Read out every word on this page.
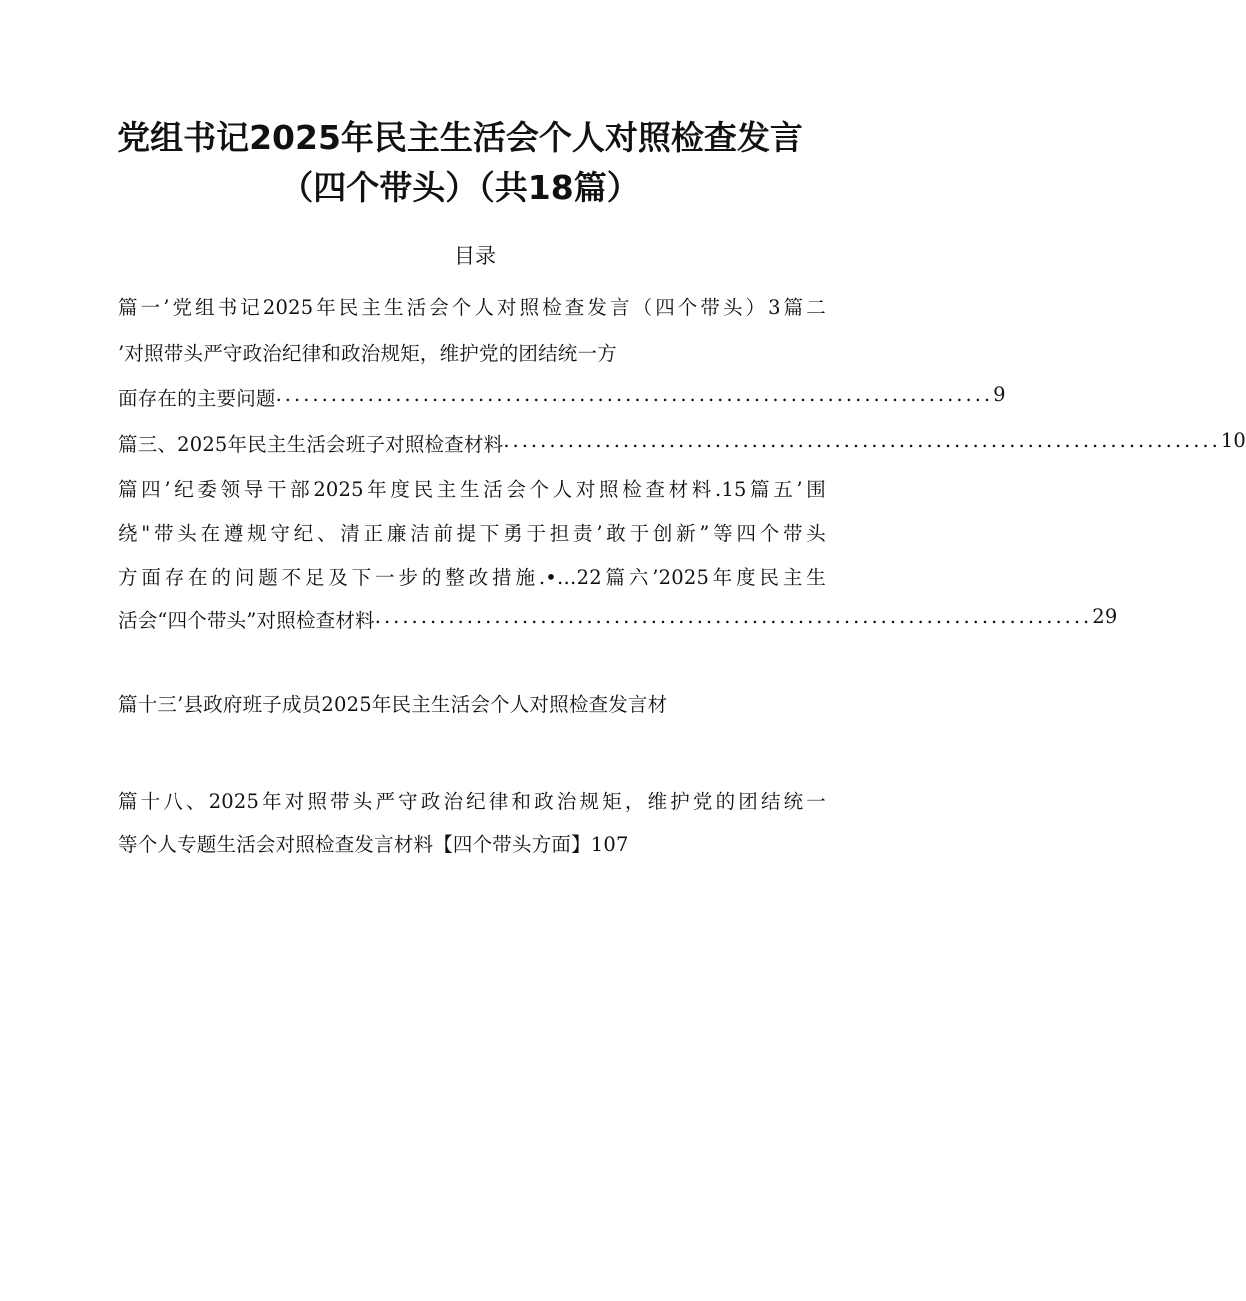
党组书记2025年民主生活会个人对照检查发言
（四个带头）（共18篇）
目录
篇一’党组书记2025年民主生活会个人对照检查发言（四个带头）3篇二
’对照带头严守政治纪律和政治规矩，维护党的团结统一方
面存在的主要问题 .............................................................................. 9
篇三、2025年民主生活会班子对照检查材料 .............................................................................. 10
篇四’纪委领导干部2025年度民主生活会个人对照检查材料.15篇五’围
绕"带头在遵规守纪、清正廉洁前提下勇于担责’敢于创新”等四个带头
方面存在的问题不足及下一步的整改措施.•…22篇六’2025年度民主生
活会“四个带头”对照检查材料 .............................................................................. 29
篇十三’县政府班子成员2025年民主生活会个人对照检查发言材
篇十八、2025年对照带头严守政治纪律和政治规矩，维护党的团结统一
等个人专题生活会对照检查发言材料【四个带头方面】107
